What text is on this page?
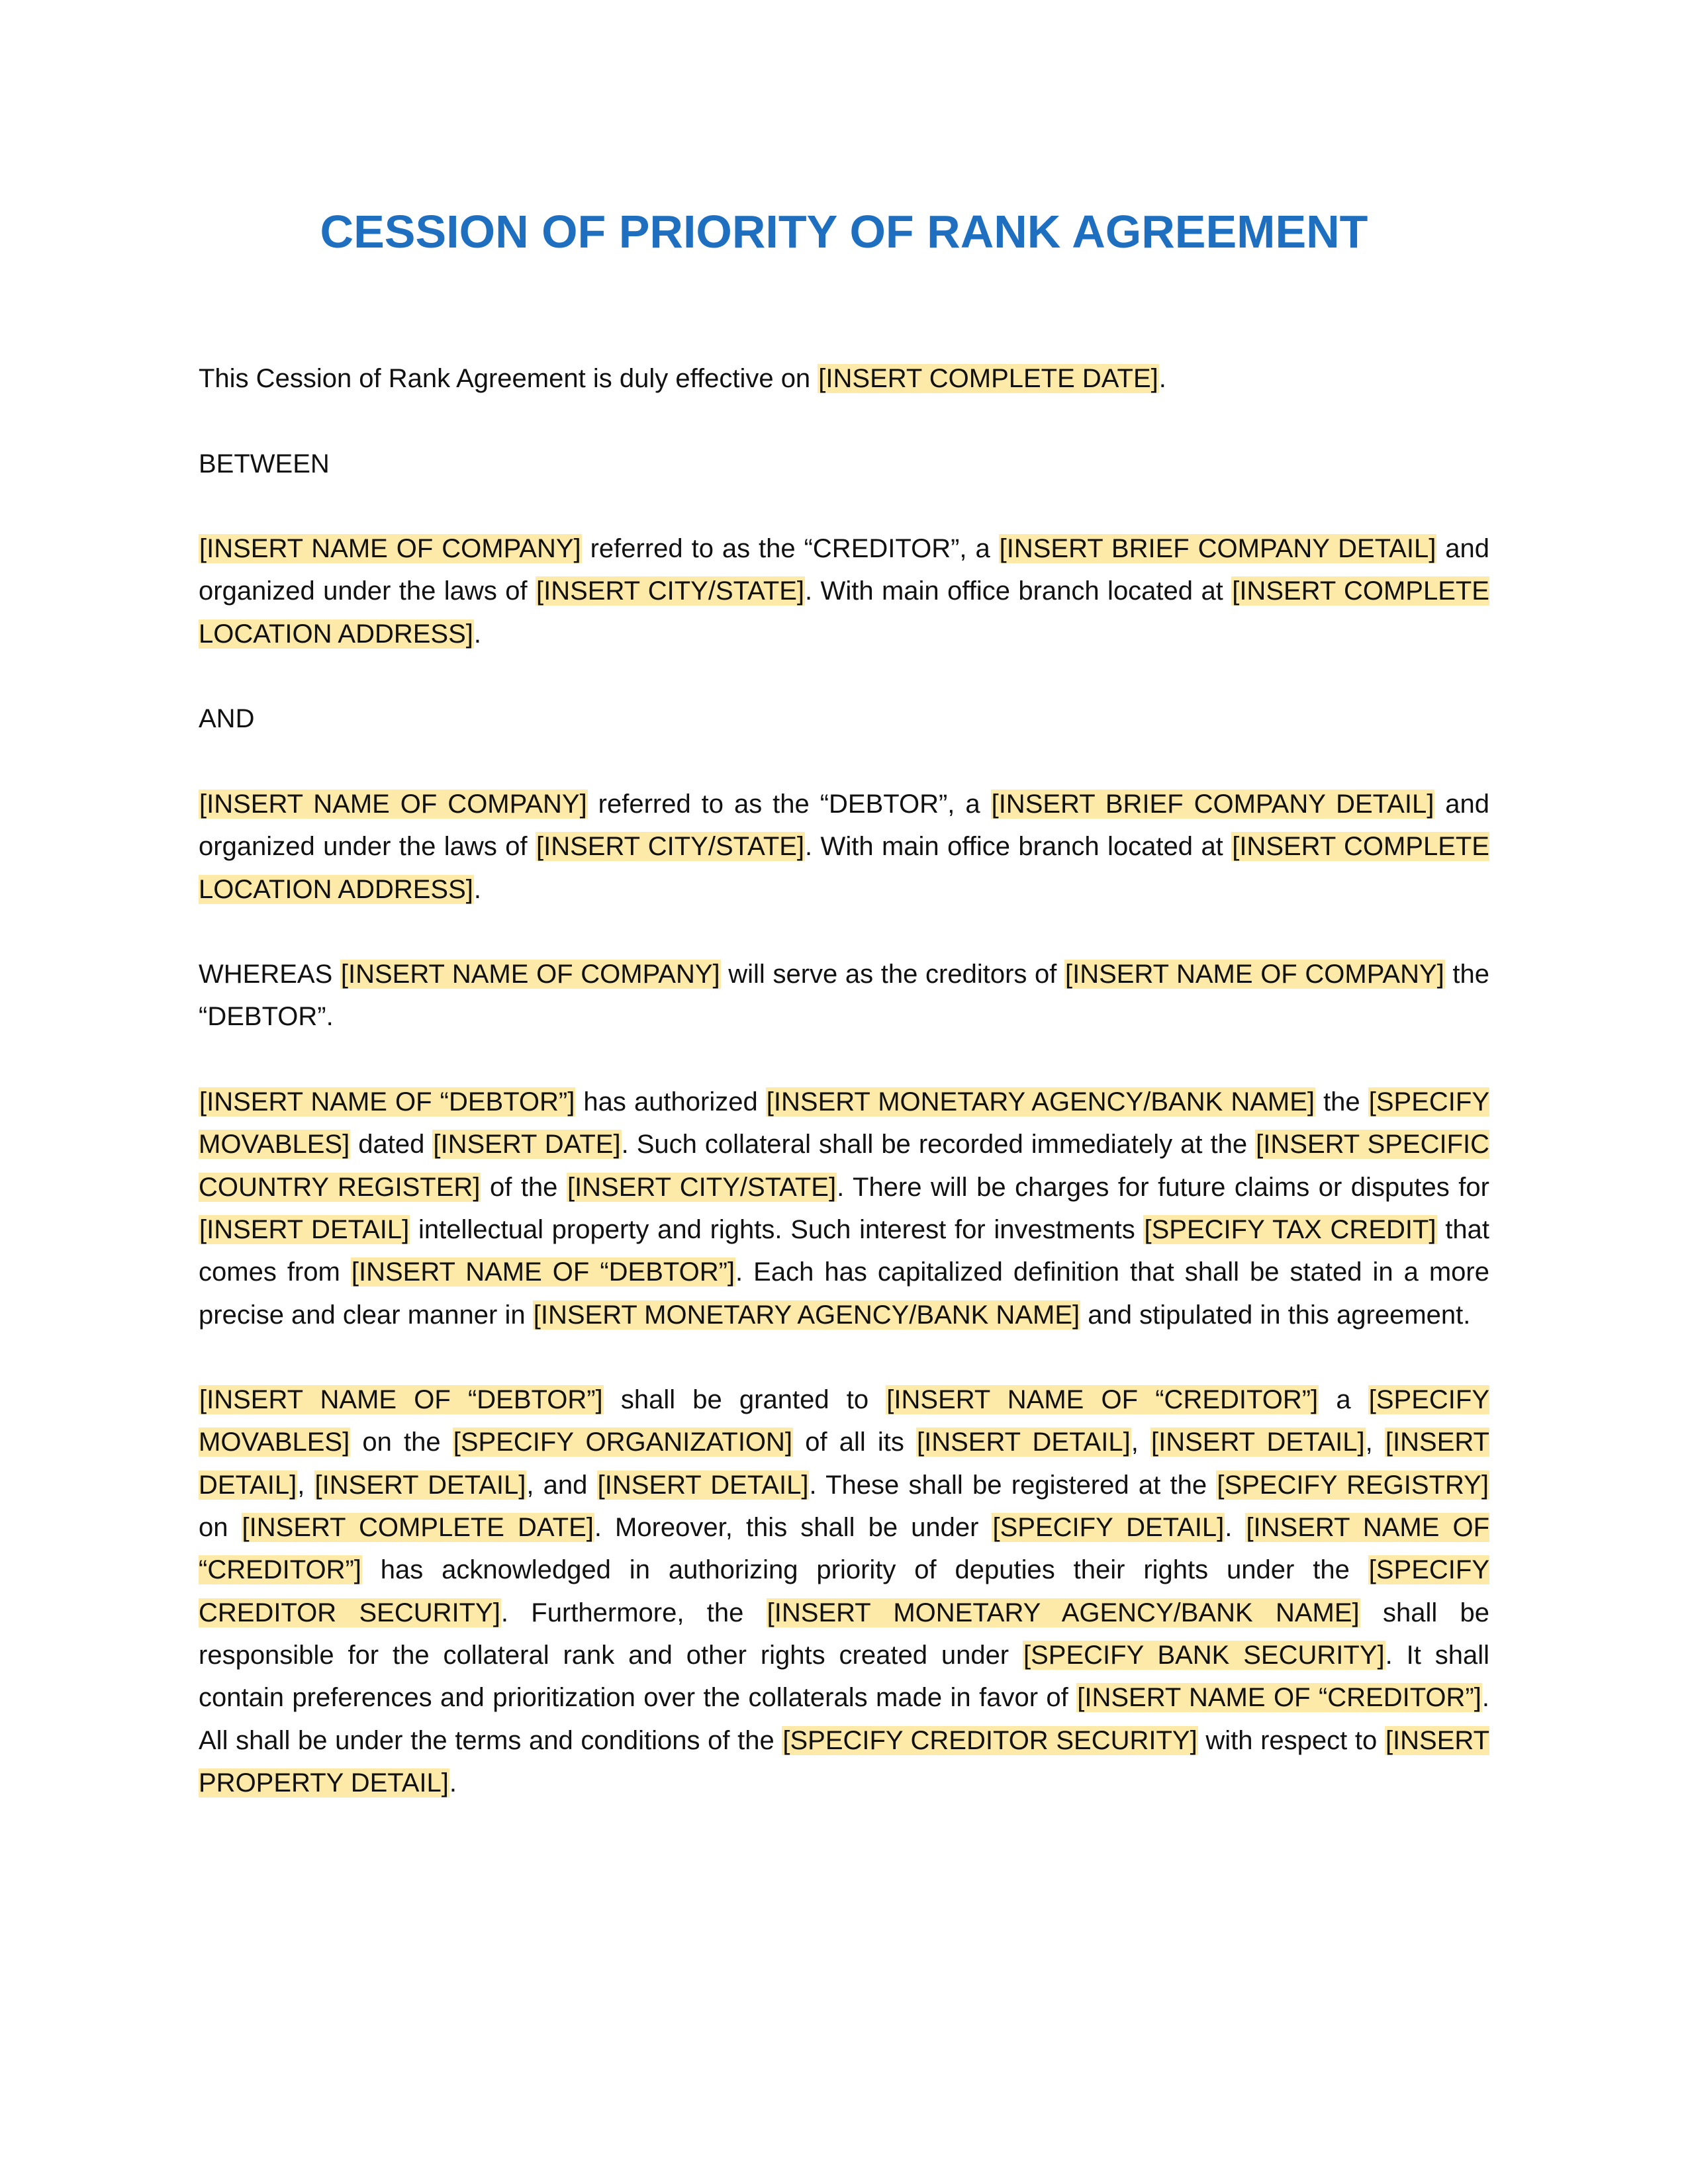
CESSION OF PRIORITY OF RANK AGREEMENT

This Cession of Rank Agreement is duly effective on [INSERT COMPLETE DATE].

BETWEEN

[INSERT NAME OF COMPANY] referred to as the “CREDITOR”, a [INSERT BRIEF COMPANY DETAIL] and organized under the laws of [INSERT CITY/STATE]. With main office branch located at [INSERT COMPLETE LOCATION ADDRESS].

AND

[INSERT NAME OF COMPANY] referred to as the “DEBTOR”, a [INSERT BRIEF COMPANY DETAIL] and organized under the laws of [INSERT CITY/STATE]. With main office branch located at [INSERT COMPLETE LOCATION ADDRESS].

WHEREAS [INSERT NAME OF COMPANY] will serve as the creditors of [INSERT NAME OF COMPANY] the “DEBTOR”.

[INSERT NAME OF “DEBTOR”] has authorized [INSERT MONETARY AGENCY/BANK NAME] the [SPECIFY MOVABLES] dated [INSERT DATE]. Such collateral shall be recorded immediately at the [INSERT SPECIFIC COUNTRY REGISTER] of the [INSERT CITY/STATE]. There will be charges for future claims or disputes for [INSERT DETAIL] intellectual property and rights. Such interest for investments [SPECIFY TAX CREDIT] that comes from [INSERT NAME OF “DEBTOR”]. Each has capitalized definition that shall be stated in a more precise and clear manner in [INSERT MONETARY AGENCY/BANK NAME] and stipulated in this agreement.

[INSERT NAME OF “DEBTOR”] shall be granted to [INSERT NAME OF “CREDITOR”] a [SPECIFY MOVABLES] on the [SPECIFY ORGANIZATION] of all its [INSERT DETAIL], [INSERT DETAIL], [INSERT DETAIL], [INSERT DETAIL], and [INSERT DETAIL]. These shall be registered at the [SPECIFY REGISTRY] on [INSERT COMPLETE DATE]. Moreover, this shall be under [SPECIFY DETAIL]. [INSERT NAME OF “CREDITOR”] has acknowledged in authorizing priority of deputies their rights under the [SPECIFY CREDITOR SECURITY]. Furthermore, the [INSERT MONETARY AGENCY/BANK NAME] shall be responsible for the collateral rank and other rights created under [SPECIFY BANK SECURITY]. It shall contain preferences and prioritization over the collaterals made in favor of [INSERT NAME OF “CREDITOR”]. All shall be under the terms and conditions of the [SPECIFY CREDITOR SECURITY] with respect to [INSERT PROPERTY DETAIL].
